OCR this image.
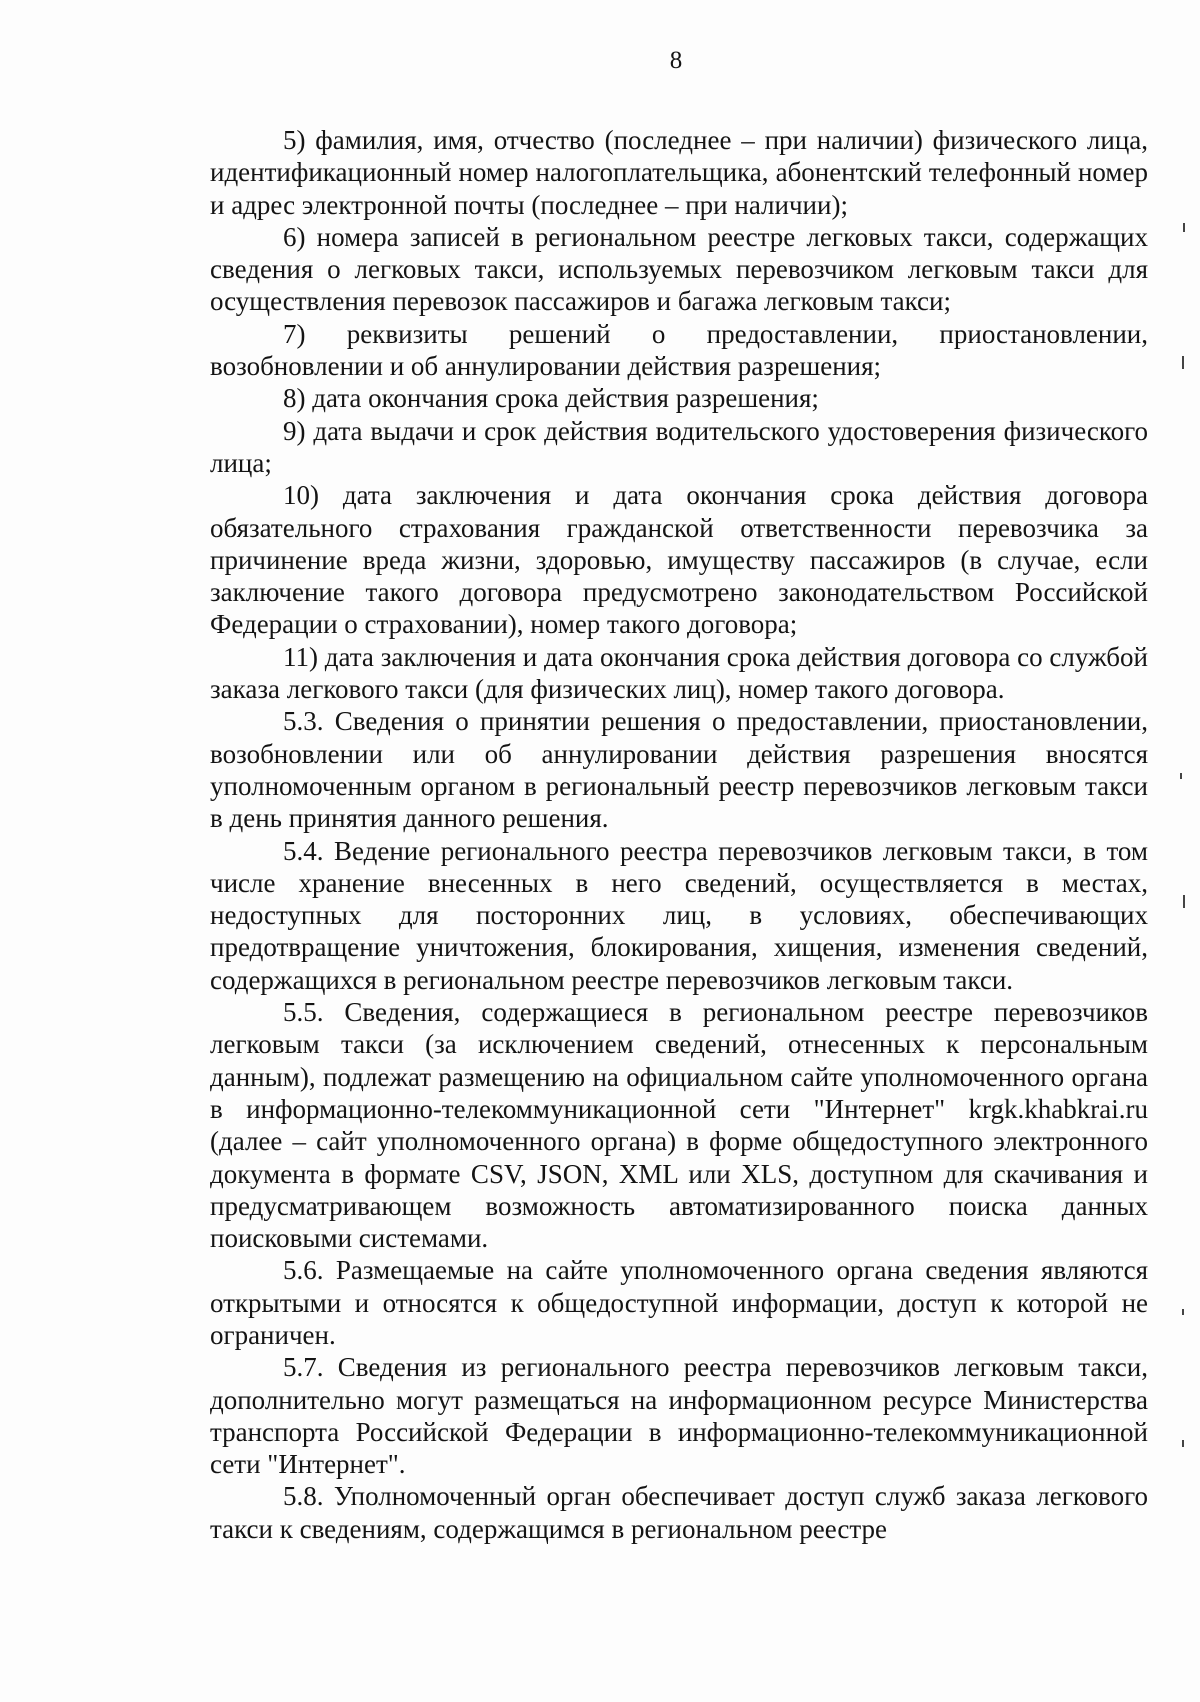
8

5) фамилия, имя, отчество (последнее – при наличии) физического лица, идентификационный номер налогоплательщика, абонентский телефонный номер и адрес электронной почты (последнее – при наличии);

6) номера записей в региональном реестре легковых такси, содержащих сведения о легковых такси, используемых перевозчиком легковым такси для осуществления перевозок пассажиров и багажа легковым такси;

7) реквизиты решений о предоставлении, приостановлении, возобновлении и об аннулировании действия разрешения;

8) дата окончания срока действия разрешения;

9) дата выдачи и срок действия водительского удостоверения физического лица;

10) дата заключения и дата окончания срока действия договора обязательного страхования гражданской ответственности перевозчика за причинение вреда жизни, здоровью, имуществу пассажиров (в случае, если заключение такого договора предусмотрено законодательством Российской Федерации о страховании), номер такого договора;

11) дата заключения и дата окончания срока действия договора со службой заказа легкового такси (для физических лиц), номер такого договора.

5.3. Сведения о принятии решения о предоставлении, приостановлении, возобновлении или об аннулировании действия разрешения вносятся уполномоченным органом в региональный реестр перевозчиков легковым такси в день принятия данного решения.

5.4. Ведение регионального реестра перевозчиков легковым такси, в том числе хранение внесенных в него сведений, осуществляется в местах, недоступных для посторонних лиц, в условиях, обеспечивающих предотвращение уничтожения, блокирования, хищения, изменения сведений, содержащихся в региональном реестре перевозчиков легковым такси.

5.5. Сведения, содержащиеся в региональном реестре перевозчиков легковым такси (за исключением сведений, отнесенных к персональным данным), подлежат размещению на официальном сайте уполномоченного органа в информационно-телекоммуникационной сети "Интернет" krgk.khabkrai.ru (далее – сайт уполномоченного органа) в форме общедоступного электронного документа в формате CSV, JSON, XML или XLS, доступном для скачивания и предусматривающем возможность автоматизированного поиска данных поисковыми системами.

5.6. Размещаемые на сайте уполномоченного органа сведения являются открытыми и относятся к общедоступной информации, доступ к которой не ограничен.

5.7. Сведения из регионального реестра перевозчиков легковым такси, дополнительно могут размещаться на информационном ресурсе Министерства транспорта Российской Федерации в информационно-телекоммуникационной сети "Интернет".

5.8. Уполномоченный орган обеспечивает доступ служб заказа легкового такси к сведениям, содержащимся в региональном реестре
